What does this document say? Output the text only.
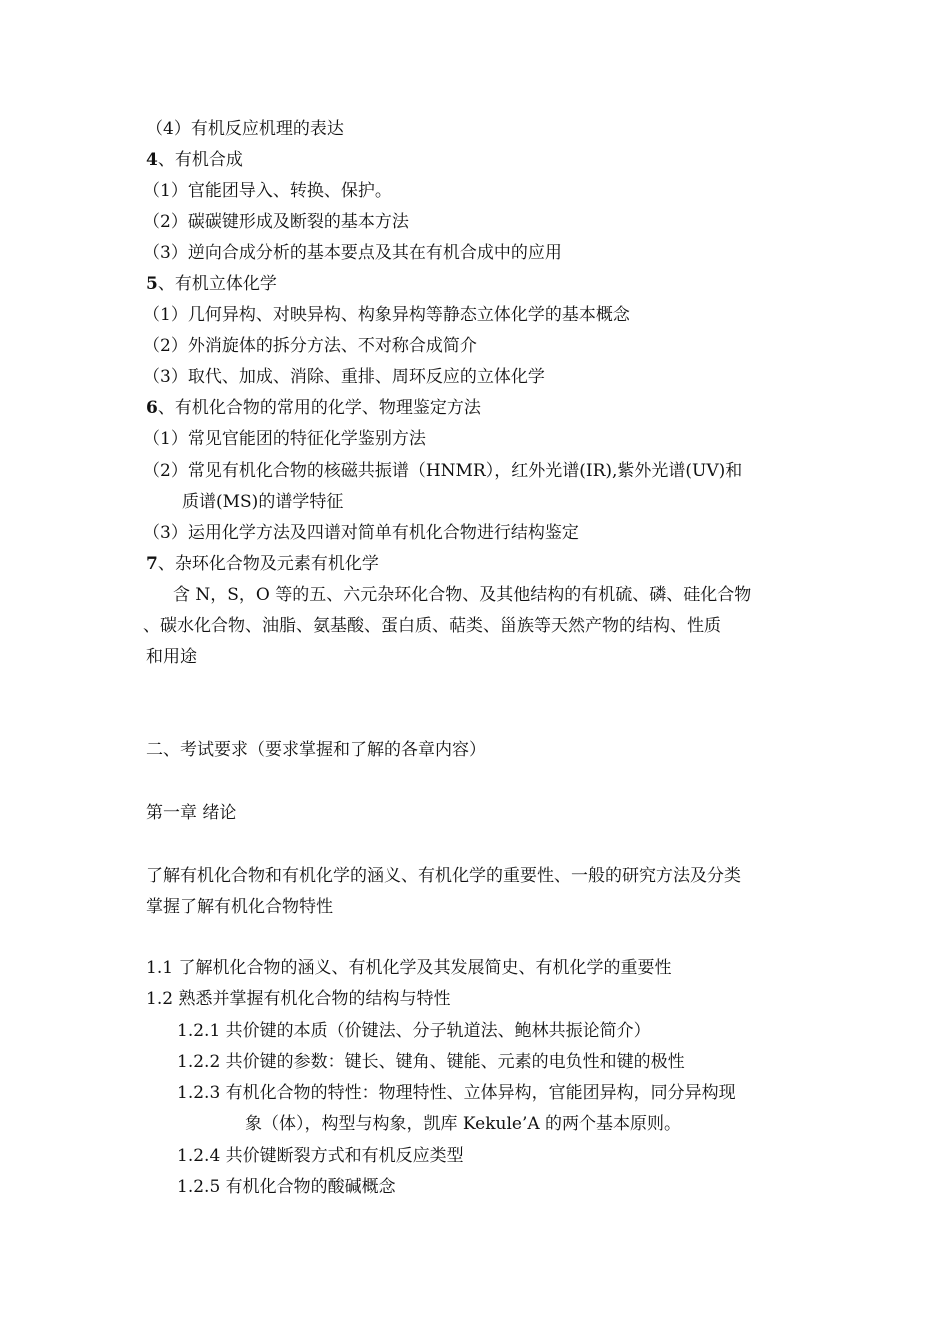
（4）有机反应机理的表达
4、有机合成
（1）官能团导入、转换、保护。
（2）碳碳键形成及断裂的基本方法
（3）逆向合成分析的基本要点及其在有机合成中的应用
5、有机立体化学
（1）几何异构、对映异构、构象异构等静态立体化学的基本概念
（2）外消旋体的拆分方法、不对称合成简介
（3）取代、加成、消除、重排、周环反应的立体化学
6、有机化合物的常用的化学、物理鉴定方法
（1）常见官能团的特征化学鉴别方法
（2）常见有机化合物的核磁共振谱（HNMR），红外光谱(IR),紫外光谱(UV)和
质谱(MS)的谱学特征
（3）运用化学方法及四谱对简单有机化合物进行结构鉴定
7、杂环化合物及元素有机化学
含 N，S，O 等的五、六元杂环化合物、及其他结构的有机硫、磷、硅化合物
、碳水化合物、油脂、氨基酸、蛋白质、萜类、甾族等天然产物的结构、性质
和用途
二、考试要求（要求掌握和了解的各章内容）
第一章 绪论
了解有机化合物和有机化学的涵义、有机化学的重要性、一般的研究方法及分类
掌握了解有机化合物特性
1.1 了解机化合物的涵义、有机化学及其发展简史、有机化学的重要性
1.2 熟悉并掌握有机化合物的结构与特性
1.2.1 共价键的本质（价键法、分子轨道法、鲍林共振论简介）
1.2.2 共价键的参数：键长、键角、键能、元素的电负性和键的极性
1.2.3 有机化合物的特性：物理特性、立体异构，官能团异构，同分异构现
象（体），构型与构象，凯库 Kekule’A 的两个基本原则。
1.2.4 共价键断裂方式和有机反应类型
1.2.5 有机化合物的酸碱概念
